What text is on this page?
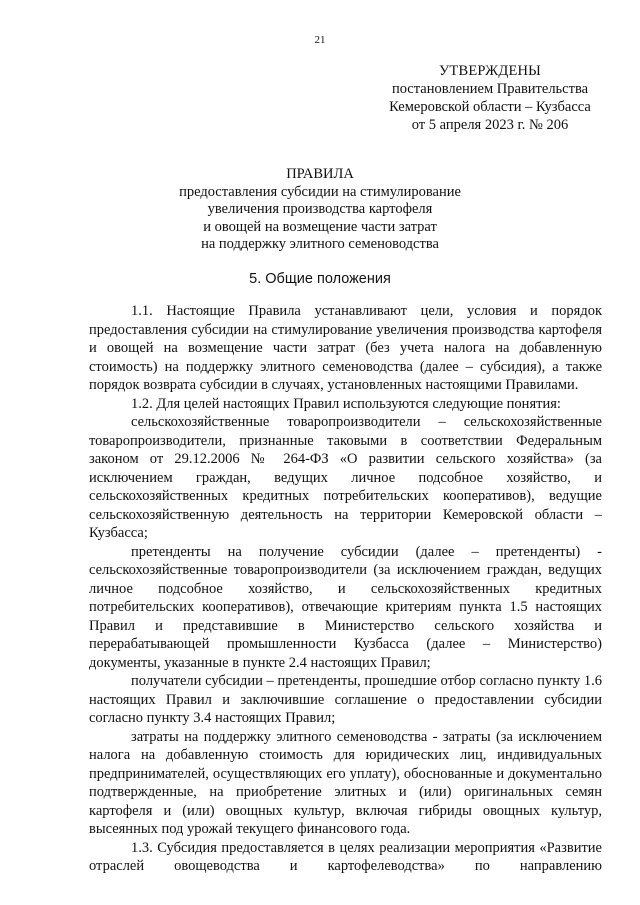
21
УТВЕРЖДЕНЫ
постановлением Правительства
Кемеровской области – Кузбасса
от 5 апреля 2023 г. № 206
ПРАВИЛА
предоставления субсидии на стимулирование
увеличения производства картофеля
и овощей на возмещение части затрат
на поддержку элитного семеноводства
5. Общие положения

1.1. Настоящие Правила устанавливают цели, условия и порядок предоставления субсидии на стимулирование увеличения производства картофеля и овощей на возмещение части затрат (без учета налога на добавленную стоимость) на поддержку элитного семеноводства (далее – субсидия), а также порядок возврата субсидии в случаях, установленных настоящими Правилами.

1.2. Для целей настоящих Правил используются следующие понятия:

сельскохозяйственные товаропроизводители – сельскохозяйственные товаропроизводители, признанные таковыми в соответствии Федеральным законом от 29.12.2006 № 264-ФЗ «О развитии сельского хозяйства» (за исключением граждан, ведущих личное подсобное хозяйство, и сельскохозяйственных кредитных потребительских кооперативов), ведущие сельскохозяйственную деятельность на территории Кемеровской области – Кузбасса;

претенденты на получение субсидии (далее – претенденты) - сельскохозяйственные товаропроизводители (за исключением граждан, ведущих личное подсобное хозяйство, и сельскохозяйственных кредитных потребительских кооперативов), отвечающие критериям пункта 1.5 настоящих Правил и представившие в Министерство сельского хозяйства и перерабатывающей промышленности Кузбасса (далее – Министерство) документы, указанные в пункте 2.4 настоящих Правил;

получатели субсидии – претенденты, прошедшие отбор согласно пункту 1.6 настоящих Правил и заключившие соглашение о предоставлении субсидии согласно пункту 3.4 настоящих Правил;

затраты на поддержку элитного семеноводства - затраты (за исключением налога на добавленную стоимость для юридических лиц, индивидуальных предпринимателей, осуществляющих его уплату), обоснованные и документально подтвержденные, на приобретение элитных и (или) оригинальных семян картофеля и (или) овощных культур, включая гибриды овощных культур, высеянных под урожай текущего финансового года.

1.3. Субсидия предоставляется в целях реализации мероприятия «Развитие отраслей овощеводства и картофелеводства» по направлению
